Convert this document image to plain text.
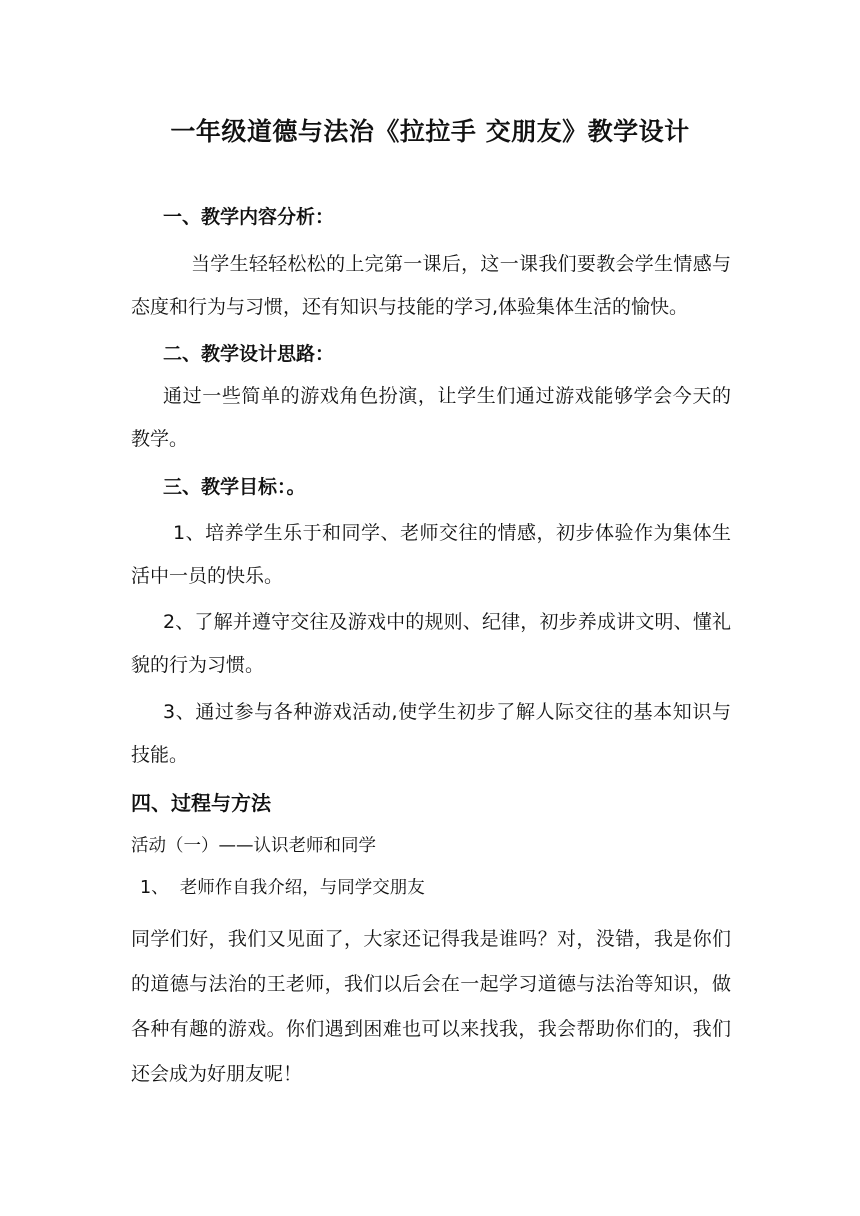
一年级道德与法治《拉拉手 交朋友》教学设计
一、教学内容分析：
当学生轻轻松松的上完第一课后，这一课我们要教会学生情感与态度和行为与习惯，还有知识与技能的学习,体验集体生活的愉快。
二、教学设计思路：
通过一些简单的游戏角色扮演，让学生们通过游戏能够学会今天的教学。
三、教学目标：。
1、培养学生乐于和同学、老师交往的情感，初步体验作为集体生活中一员的快乐。
2、了解并遵守交往及游戏中的规则、纪律，初步养成讲文明、懂礼貌的行为习惯。
3、通过参与各种游戏活动,使学生初步了解人际交往的基本知识与技能。
四、过程与方法
活动（一）——认识老师和同学
1、  老师作自我介绍，与同学交朋友
同学们好，我们又见面了，大家还记得我是谁吗？对，没错，我是你们的道德与法治的王老师，我们以后会在一起学习道德与法治等知识，做各种有趣的游戏。你们遇到困难也可以来找我，我会帮助你们的，我们还会成为好朋友呢！
